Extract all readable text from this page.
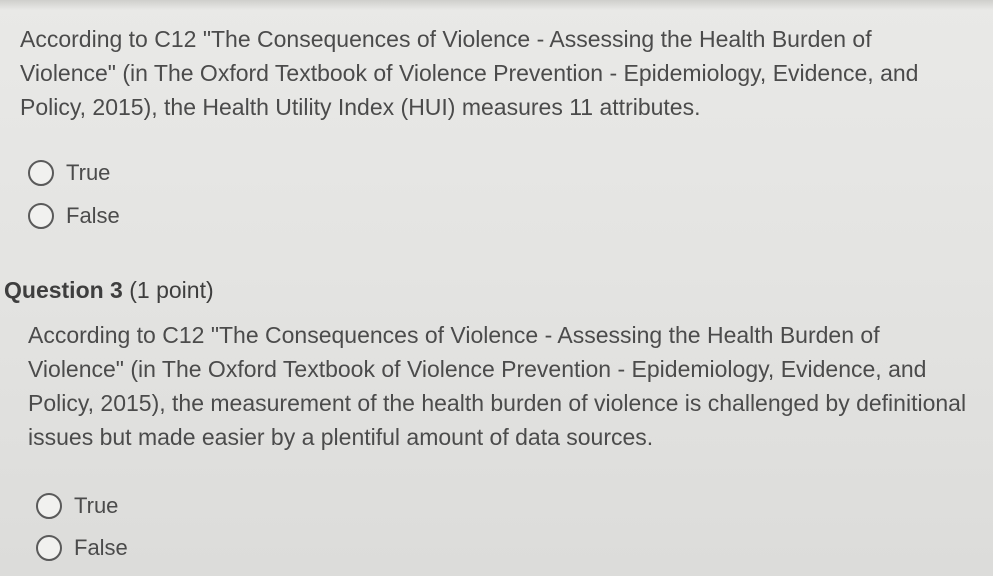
According to C12 "The Consequences of Violence - Assessing the Health Burden of Violence" (in The Oxford Textbook of Violence Prevention - Epidemiology, Evidence, and Policy, 2015), the Health Utility Index (HUI) measures 11 attributes.

True
False
Question 3 (1 point)

According to C12 "The Consequences of Violence - Assessing the Health Burden of Violence" (in The Oxford Textbook of Violence Prevention - Epidemiology, Evidence, and Policy, 2015), the measurement of the health burden of violence is challenged by definitional issues but made easier by a plentiful amount of data sources.

True
False
